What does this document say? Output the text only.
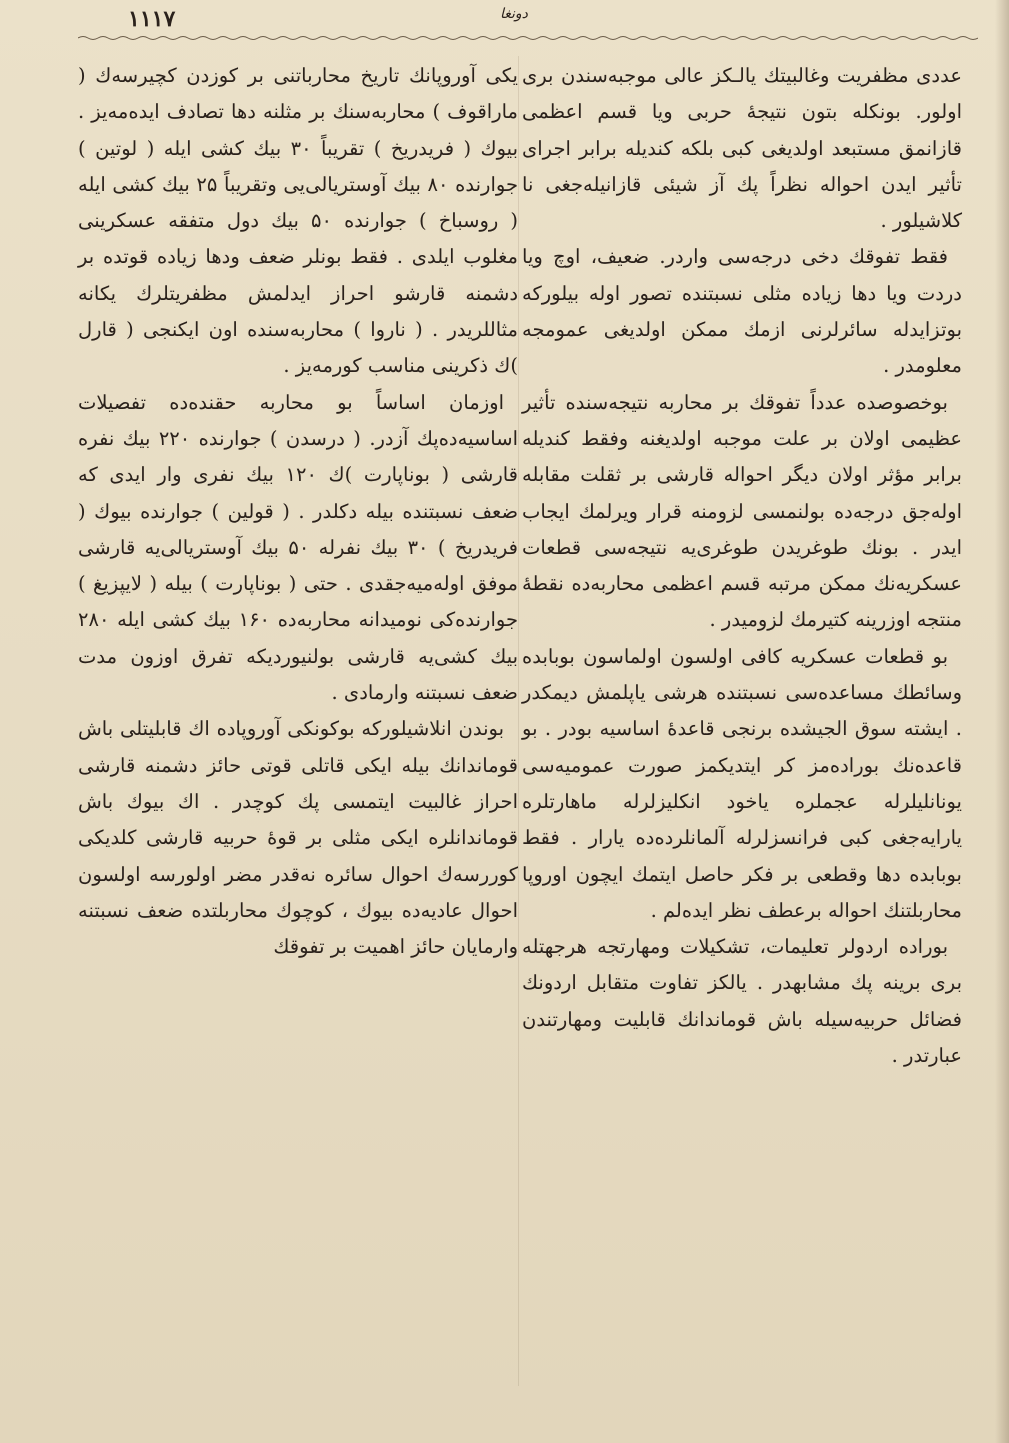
١١١٧	دونغا

عددی مظفریت وغالبیتك یالـكز عالی موجبه‌سندن بری اولور. بونكله بتون نتیجهٔ حربی ویا قسم اعظمی قازانمق مستبعد اولدیغی كبی بلكه كندیله برابر اجرای تأثیر ایدن احواله نظراً پك آز شیئی قازانیله‌جغی نا كلاشیلور .

فقط تفوقك دخی درجه‌سی واردر. ضعیف، اوچ ویا دردت ویا دها زیاده مثلی نسبتنده تصور اوله بیلورکه بوتزایدله سائرلرنی ازمك ممكن اولدیغی عمومجه معلومدر .

بوخصوصده عدداً تفوقك بر محاربه نتیجه‌سنده تأثیر عظیمی اولان بر علت موجبه اولدیغنه وفقط كندیله برابر مؤثر اولان دیگر احواله قارشی بر ثقلت مقابله اوله‌جق درجه‌ده بولنمسی لزومنه قرار ویرلمك ایجاب ایدر . بونك طوغریدن طوغری‌یه نتیجه‌سی قطعات عسكریه‌نك ممكن مرتبه قسم اعظمی محاربه‌ده نقطهٔ منتجه اوزرینه كتیرمك لزومیدر .

بو قطعات عسكریه كافی اولسون اولماسون بوبابده وسائطك مساعده‌سی نسبتنده هرشی یاپلمش دیمكدر . ایشته سوق الجیشده برنجی قاعدهٔ اساسیه بودر . بو قاعده‌نك بوراده‌مز كر ایتدیكمز صورت عمومیه‌سی یونانلیلرله عجملره یاخود انكلیزلرله ماهارتلره یارایه‌جغی كبی فرانسزلرله آلمانلرده‌ده یارار . فقط بوبابده دها وقطعی بر فكر حاصل ایتمك ایچون اوروپا محاربلتنك احواله برعطف نظر ایده‌لم .

بوراده اردولر تعلیمات، تشكیلات ومهارتجه هرجهتله بری برینه پك مشابهدر . یالكز تفاوت متقابل اردونك فضائل حربیه‌سیله باش قوماندانك قابلیت ومهارتندن عبارتدر .

یكی آوروپانك تاریخ محارباتنی بر كوزدن كچیرسه‌ك ( ماراقوف ) محاربه‌سنك بر مثلنه دها تصادف ایده‌مه‌یز . بیوك ( فریدریخ ) تقریباً ۳۰ بیك كشی ایله ( لوتین ) جوارنده ۸۰ بیك آوستریالی‌یی وتقریباً ۲۵ بیك كشی ایله ( روسباخ ) جوارنده ۵۰ بیك دول متفقه عسكرینی مغلوب ایلدی . فقط بونلر ضعف ودها زیاده قوتده بر دشمنه قارشو احراز ایدلمش مظفریتلرك یكانه مثاللریدر . ( ناروا ) محاربه‌سنده اون ایكنجی ( قارل )ك ذكرینی مناسب كورمه‌یز .

اوزمان اساساً بو محاربه حقنده‌ده تفصیلات اساسیه‌ده‌پك آزدر. ( درسدن ) جوارنده ۲۲۰ بیك نفره قارشی ( بوناپارت )ك ۱۲۰ بیك نفری وار ایدی كه ضعف نسبتنده بیله دكلدر . ( قولین ) جوارنده بیوك ( فریدریخ ) ۳۰ بیك نفرله ۵۰ بیك آوستریالی‌یه قارشی موفق اوله‌میه‌جقدی . حتی ( بوناپارت ) بیله ( لایپزیغ ) جوارنده‌كی نومیدانه محاربه‌ده ۱۶۰ بیك كشی ایله ۲۸۰ بیك كشی‌یه قارشی بولنیوردیكه تفرق اوزون مدت ضعف نسبتنه وارمادی .

بوندن انلاشیلوركه بوكونكی آوروپاده اك قابلیتلی باش قوماندانك بیله ایكی قاتلی قوتی حائز دشمنه قارشی احراز غالبیت ایتمسی پك كوچدر . اك بیوك باش قوماندانلره ایكی مثلی بر قوهٔ حربیه قارشی كلدیكی كوررسه‌ك احوال سائره نه‌قدر مضر اولورسه اولسون احوال عادیه‌ده بیوك ، كوچوك محاربلتده ضعف نسبتنه وارمایان حائز اهمیت بر تفوقك
